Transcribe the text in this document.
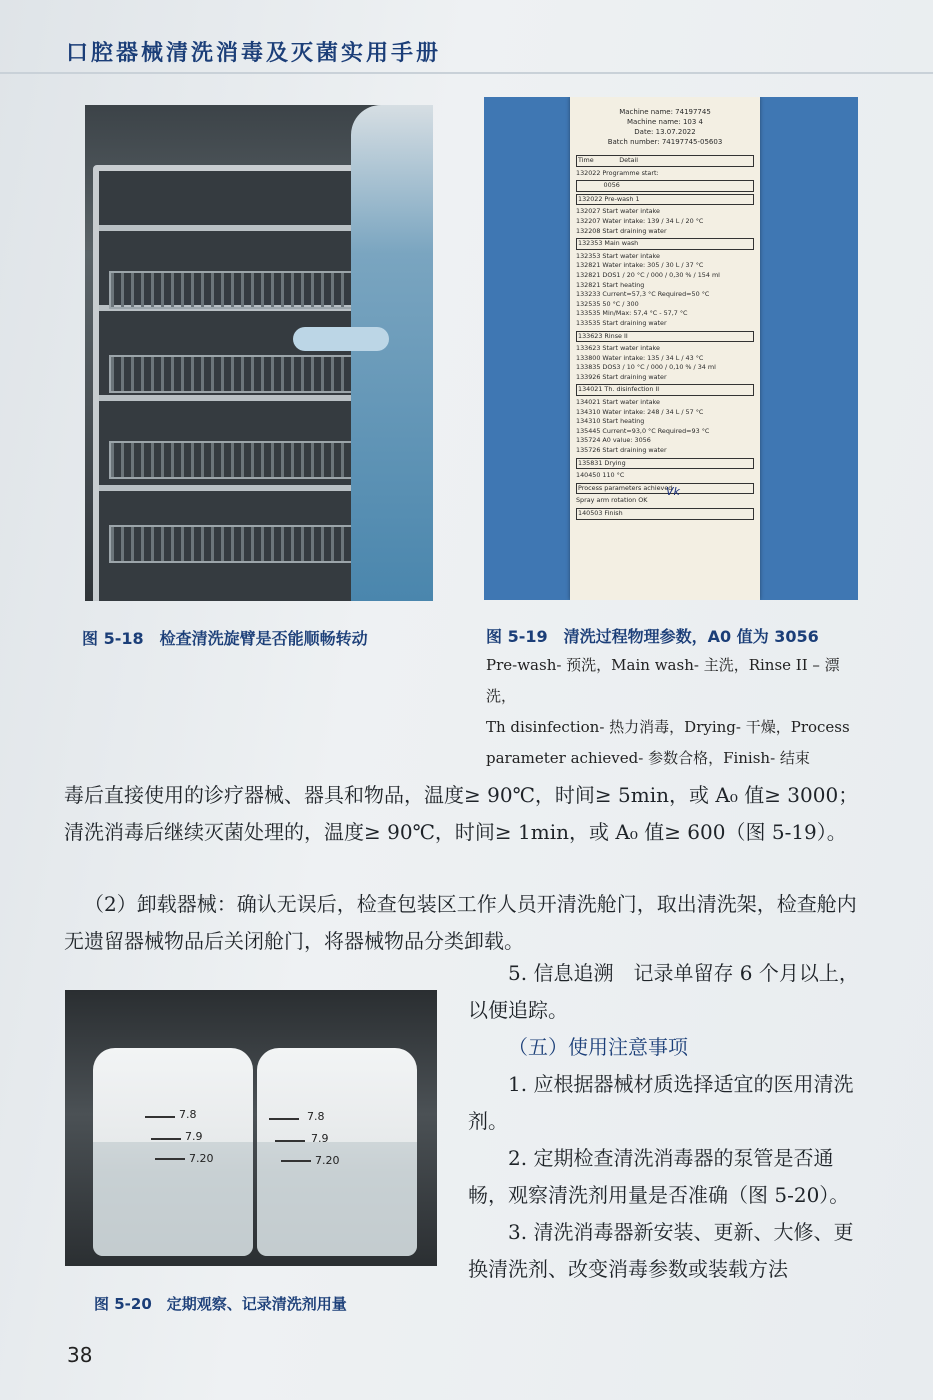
口腔器械清洗消毒及灭菌实用手册
图 5-18　检查清洗旋臂是否能顺畅转动
Machine name: 74197745
Machine name: 103 4
Date: 13.07.2022
Batch number: 74197745-05603
Time　　　　Detail
132022 Programme start:
　　　　0056
132022 Pre-wash 1
132027 Start water intake
132207 Water intake: 139 / 34 L / 20 °C
132208 Start draining water
132353 Main wash
132353 Start water intake
132821 Water intake: 305 / 30 L / 37 °C
132821 DOS1 / 20 °C / 000 / 0,30 % / 154 ml
132821 Start heating
133233 Current=57,3 °C Required=50 °C
132535 50 °C / 300
133535 Min/Max: 57,4 °C - 57,7 °C
133535 Start draining water
133623 Rinse II
133623 Start water intake
133800 Water intake: 135 / 34 L / 43 °C
133835 DOS3 / 10 °C / 000 / 0,10 % / 34 ml
133926 Start draining water
134021 Th. disinfection II
134021 Start water intake
134310 Water intake: 248 / 34 L / 57 °C
134310 Start heating
135445 Current=93,0 °C Required=93 °C
135724 A0 value: 3056
135726 Start draining water
135831 Drying
140450 110 °C
Process parameters achieved
Spray arm rotation OK
140503 Finish
Vk
图 5-19　清洗过程物理参数，A0 值为 3056
Pre-wash- 预洗，Main wash- 主洗，Rinse II – 漂洗，
Th disinfection- 热力消毒，Drying- 干燥，Process
parameter achieved- 参数合格，Finish- 结束
毒后直接使用的诊疗器械、器具和物品，温度≥ 90℃，时间≥ 5min，或 A₀ 值≥ 3000；清洗消毒后继续灭菌处理的，温度≥ 90℃，时间≥ 1min，或 A₀ 值≥ 600（图 5-19）。
（2）卸载器械：确认无误后，检查包装区工作人员开清洗舱门，取出清洗架，检查舱内无遗留器械物品后关闭舱门，将器械物品分类卸载。
7.8
7.9
7.20
7.8
7.9
7.20
图 5-20　定期观察、记录清洗剂用量
5. 信息追溯　记录单留存 6 个月以上，以便追踪。
（五）使用注意事项
1. 应根据器械材质选择适宜的医用清洗剂。
2. 定期检查清洗消毒器的泵管是否通畅，观察清洗剂用量是否准确（图 5-20）。
3. 清洗消毒器新安装、更新、大修、更换清洗剂、改变消毒参数或装载方法
38
